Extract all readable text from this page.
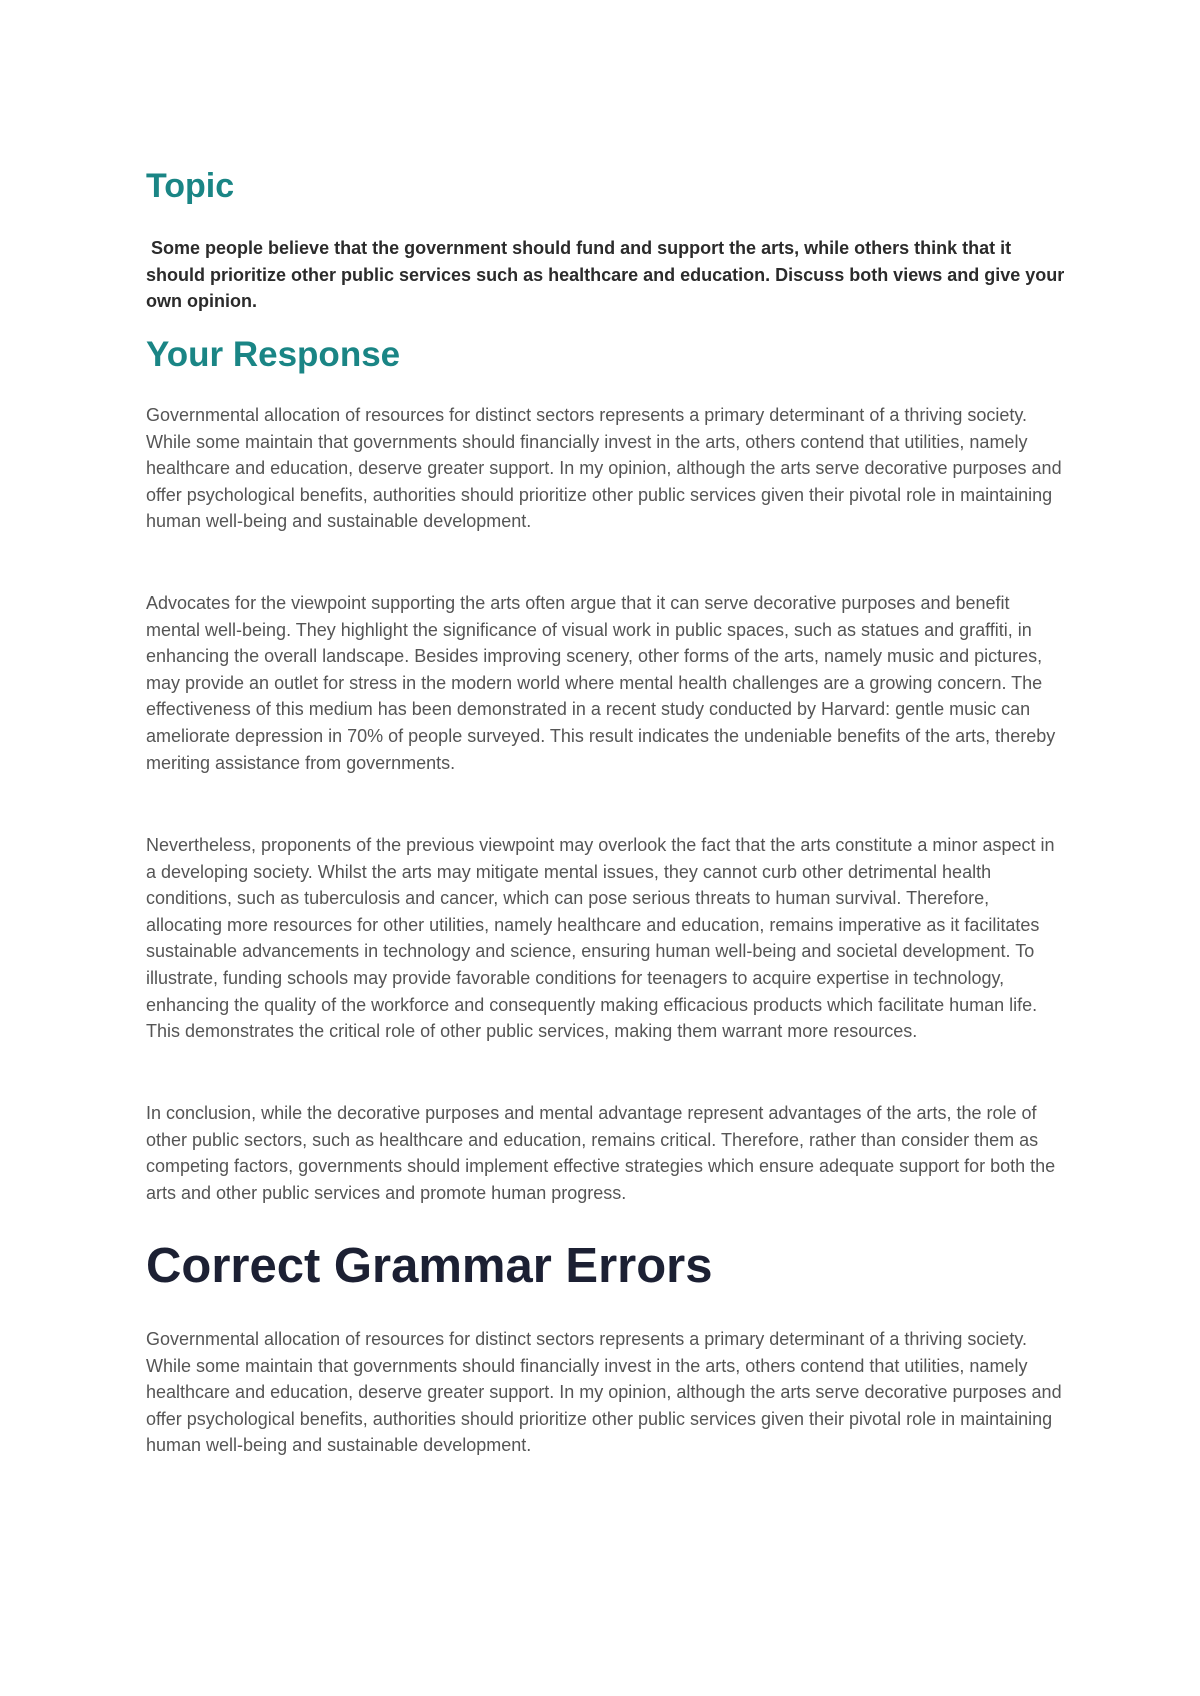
Topic

Some people believe that the government should fund and support the arts, while others think that it should prioritize other public services such as healthcare and education. Discuss both views and give your own opinion.

Your Response

Governmental allocation of resources for distinct sectors represents a primary determinant of a thriving society. While some maintain that governments should financially invest in the arts, others contend that utilities, namely healthcare and education, deserve greater support. In my opinion, although the arts serve decorative purposes and offer psychological benefits, authorities should prioritize other public services given their pivotal role in maintaining human well-being and sustainable development.

Advocates for the viewpoint supporting the arts often argue that it can serve decorative purposes and benefit mental well-being. They highlight the significance of visual work in public spaces, such as statues and graffiti, in enhancing the overall landscape. Besides improving scenery, other forms of the arts, namely music and pictures, may provide an outlet for stress in the modern world where mental health challenges are a growing concern. The effectiveness of this medium has been demonstrated in a recent study conducted by Harvard: gentle music can ameliorate depression in 70% of people surveyed. This result indicates the undeniable benefits of the arts, thereby meriting assistance from governments.

Nevertheless, proponents of the previous viewpoint may overlook the fact that the arts constitute a minor aspect in a developing society. Whilst the arts may mitigate mental issues, they cannot curb other detrimental health conditions, such as tuberculosis and cancer, which can pose serious threats to human survival. Therefore, allocating more resources for other utilities, namely healthcare and education, remains imperative as it facilitates sustainable advancements in technology and science, ensuring human well-being and societal development. To illustrate, funding schools may provide favorable conditions for teenagers to acquire expertise in technology, enhancing the quality of the workforce and consequently making efficacious products which facilitate human life. This demonstrates the critical role of other public services, making them warrant more resources.

In conclusion, while the decorative purposes and mental advantage represent advantages of the arts, the role of other public sectors, such as healthcare and education, remains critical. Therefore, rather than consider them as competing factors, governments should implement effective strategies which ensure adequate support for both the arts and other public services and promote human progress.

Correct Grammar Errors

Governmental allocation of resources for distinct sectors represents a primary determinant of a thriving society. While some maintain that governments should financially invest in the arts, others contend that utilities, namely healthcare and education, deserve greater support. In my opinion, although the arts serve decorative purposes and offer psychological benefits, authorities should prioritize other public services given their pivotal role in maintaining human well-being and sustainable development.
